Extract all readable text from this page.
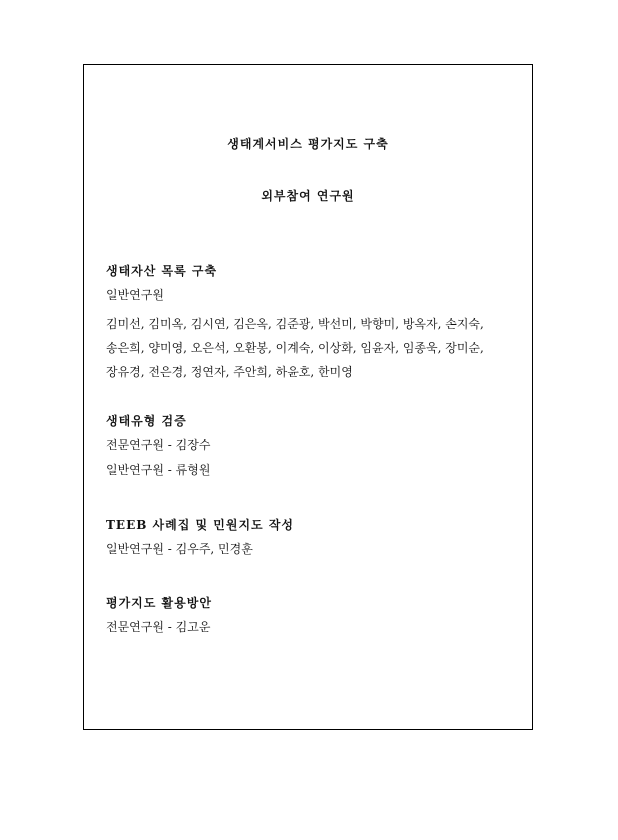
생태계서비스 평가지도 구축
외부참여 연구원
생태자산 목록 구축
일반연구원
김미선, 김미옥, 김시연, 김은옥, 김준광, 박선미, 박향미, 방옥자, 손지숙,
송은희, 양미영, 오은석, 오환봉, 이계숙, 이상화, 임윤자, 임종욱, 장미순,
장유경, 전은경, 정연자, 주안희, 하윤호, 한미영
생태유형 검증
전문연구원 - 김장수
일반연구원 - 류형원
TEEB 사례집 및 민원지도 작성
일반연구원 - 김우주, 민경훈
평가지도 활용방안
전문연구원 - 김고운
